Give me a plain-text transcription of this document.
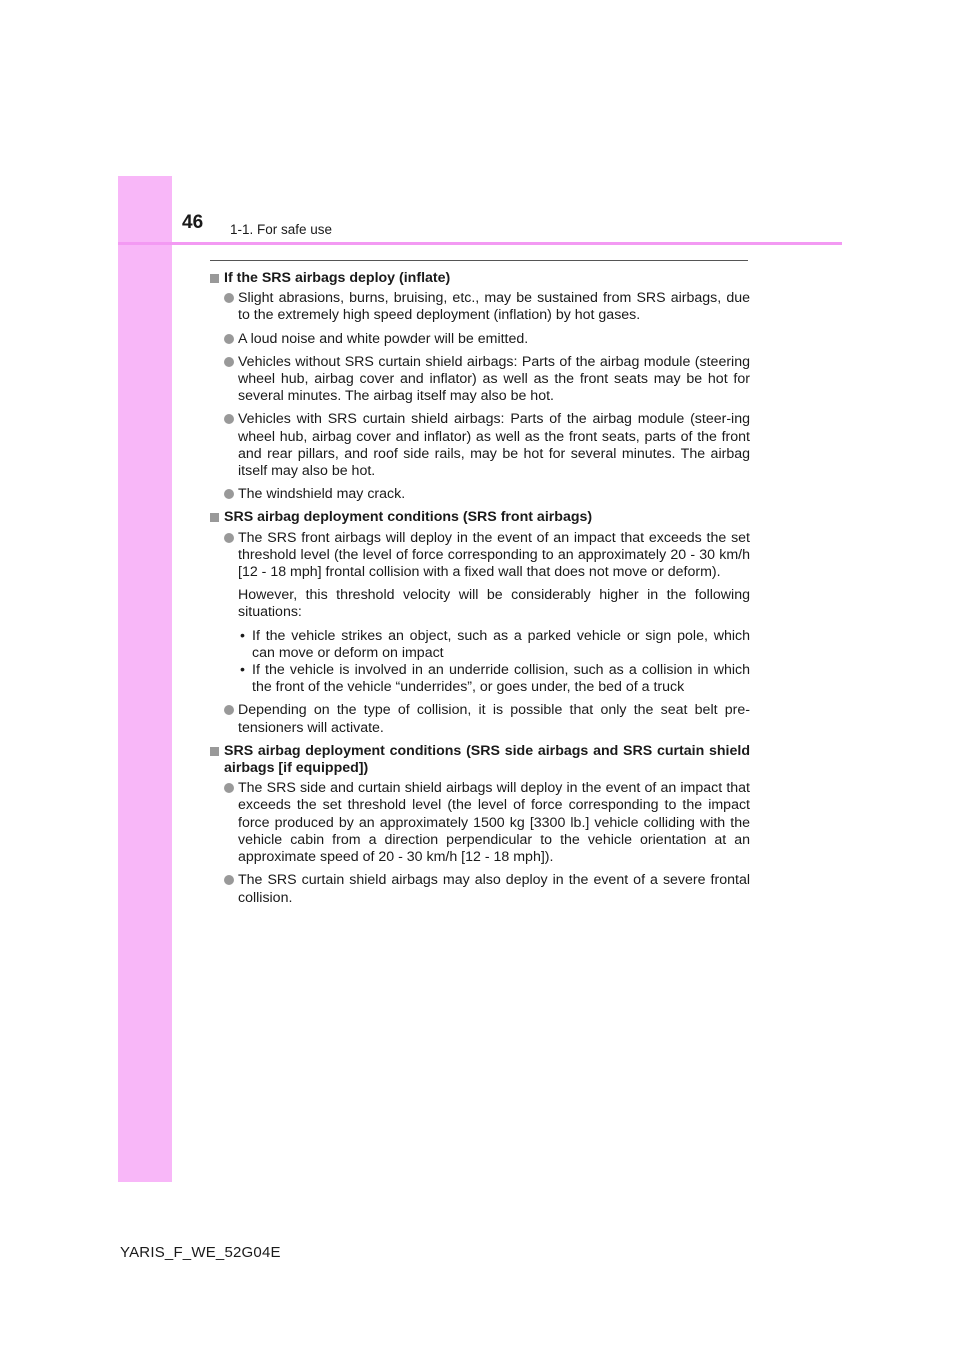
46 1-1. For safe use
If the SRS airbags deploy (inflate)
Slight abrasions, burns, bruising, etc., may be sustained from SRS airbags, due to the extremely high speed deployment (inflation) by hot gases.
A loud noise and white powder will be emitted.
Vehicles without SRS curtain shield airbags: Parts of the airbag module (steering wheel hub, airbag cover and inflator) as well as the front seats may be hot for several minutes. The airbag itself may also be hot.
Vehicles with SRS curtain shield airbags: Parts of the airbag module (steer-ing wheel hub, airbag cover and inflator) as well as the front seats, parts of the front and rear pillars, and roof side rails, may be hot for several minutes. The airbag itself may also be hot.
The windshield may crack.
SRS airbag deployment conditions (SRS front airbags)
The SRS front airbags will deploy in the event of an impact that exceeds the set threshold level (the level of force corresponding to an approximately 20 - 30 km/h [12 - 18 mph] frontal collision with a fixed wall that does not move or deform).
However, this threshold velocity will be considerably higher in the following situations:
• If the vehicle strikes an object, such as a parked vehicle or sign pole, which can move or deform on impact
• If the vehicle is involved in an underride collision, such as a collision in which the front of the vehicle “underrides”, or goes under, the bed of a truck
Depending on the type of collision, it is possible that only the seat belt pre-tensioners will activate.
SRS airbag deployment conditions (SRS side airbags and SRS curtain shield airbags [if equipped])
The SRS side and curtain shield airbags will deploy in the event of an impact that exceeds the set threshold level (the level of force corresponding to the impact force produced by an approximately 1500 kg [3300 lb.] vehicle colliding with the vehicle cabin from a direction perpendicular to the vehicle orientation at an approximate speed of 20 - 30 km/h [12 - 18 mph]).
The SRS curtain shield airbags may also deploy in the event of a severe frontal collision.
YARIS_F_WE_52G04E
